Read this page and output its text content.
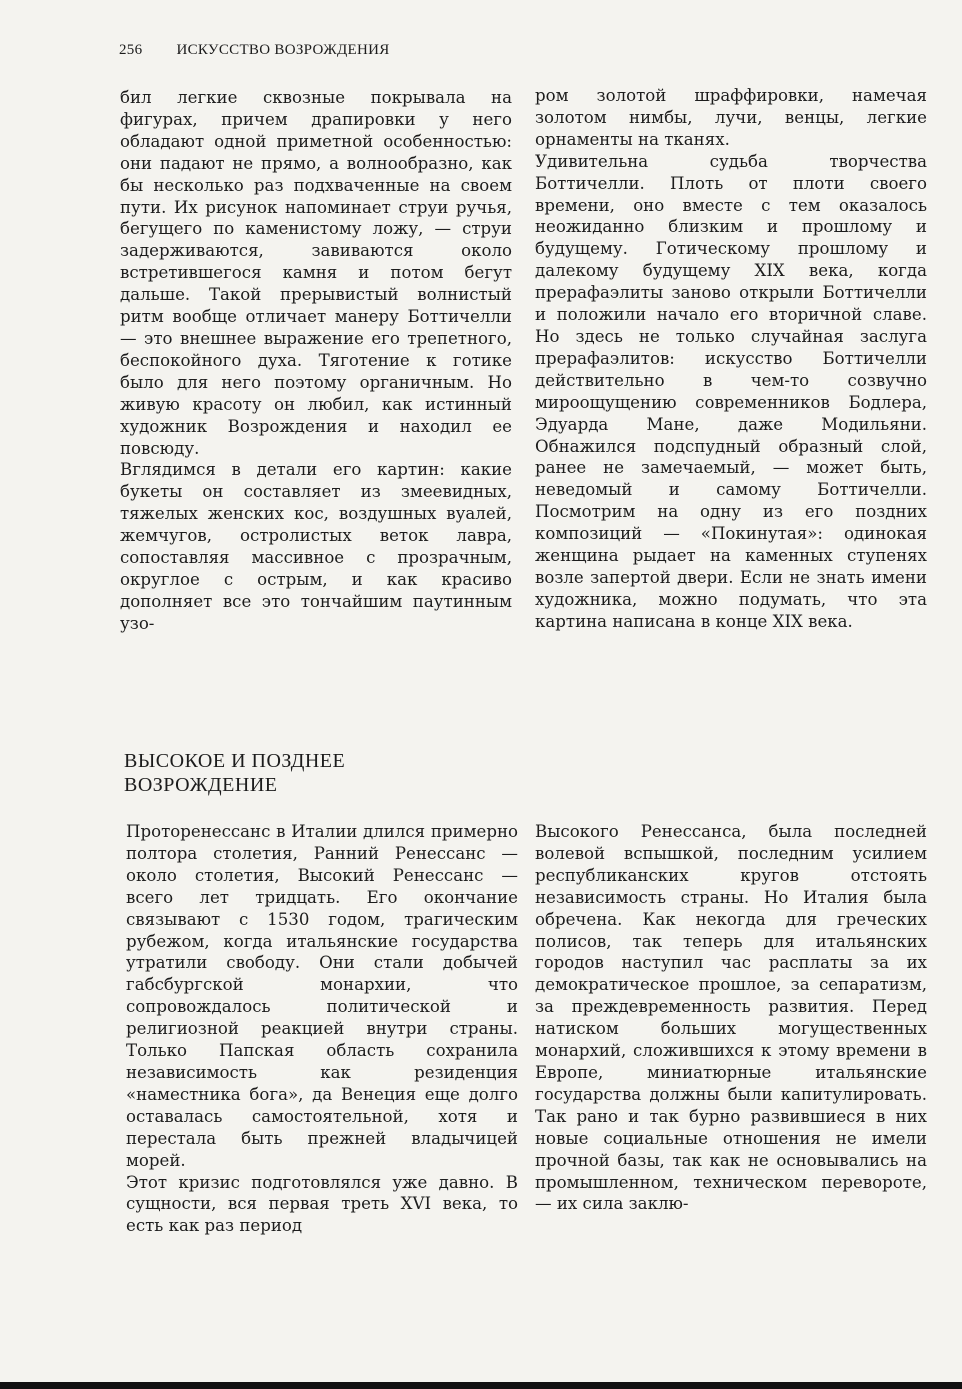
256 ИСКУССТВО ВОЗРОЖДЕНИЯ

бил легкие сквозные покрывала на фигурах, причем драпировки у него обладают одной приметной особенностью: они падают не прямо, а волнообразно, как бы несколько раз подхваченные на своем пути. Их рисунок напоминает струи ручья, бегущего по каменистому ложу, — струи задерживаются, завиваются около встретившегося камня и потом бегут дальше. Такой прерывистый волнистый ритм вообще отличает манеру Боттичелли — это внешнее выражение его трепетного, беспокойного духа. Тяготение к готике было для него поэтому органичным. Но живую красоту он любил, как истинный художник Возрождения и находил ее повсюду.

Вглядимся в детали его картин: какие букеты он составляет из змеевидных, тяжелых женских кос, воздушных вуалей, жемчугов, остролистых веток лавра, сопоставляя массивное с прозрачным, округлое с острым, и как красиво дополняет все это тончайшим паутинным узо-

ром золотой шраффировки, намечая золотом нимбы, лучи, венцы, легкие орнаменты на тканях.

Удивительна судьба творчества Боттичелли. Плоть от плоти своего времени, оно вместе с тем оказалось неожиданно близким и прошлому и будущему. Готическому прошлому и далекому будущему XIX века, когда прерафаэлиты заново открыли Боттичелли и положили начало его вторичной славе. Но здесь не только случайная заслуга прерафаэлитов: искусство Боттичелли действительно в чем-то созвучно мироощущению современников Бодлера, Эдуарда Мане, даже Модильяни. Обнажился подспудный образный слой, ранее не замечаемый, — может быть, неведомый и самому Боттичелли. Посмотрим на одну из его поздних композиций — «Покинутая»: одинокая женщина рыдает на каменных ступенях возле запертой двери. Если не знать имени художника, можно подумать, что эта картина написана в конце XIX века.

ВЫСОКОЕ И ПОЗДНЕЕ
ВОЗРОЖДЕНИЕ

Проторенессанс в Италии длился примерно полтора столетия, Ранний Ренессанс — около столетия, Высокий Ренессанс — всего лет тридцать. Его окончание связывают с 1530 годом, трагическим рубежом, когда итальянские государства утратили свободу. Они стали добычей габсбургской монархии, что сопровождалось политической и религиозной реакцией внутри страны. Только Папская область сохранила независимость как резиденция «наместника бога», да Венеция еще долго оставалась самостоятельной, хотя и перестала быть прежней владычицей морей.

Этот кризис подготовлялся уже давно. В сущности, вся первая треть XVI века, то есть как раз период

Высокого Ренессанса, была последней волевой вспышкой, последним усилием республиканских кругов отстоять независимость страны. Но Италия была обречена. Как некогда для греческих полисов, так теперь для итальянских городов наступил час расплаты за их демократическое прошлое, за сепаратизм, за преждевременность развития. Перед натиском больших могущественных монархий, сложившихся к этому времени в Европе, миниатюрные итальянские государства должны были капитулировать. Так рано и так бурно развившиеся в них новые социальные отношения не имели прочной базы, так как не основывались на промышленном, техническом перевороте, — их сила заклю-
